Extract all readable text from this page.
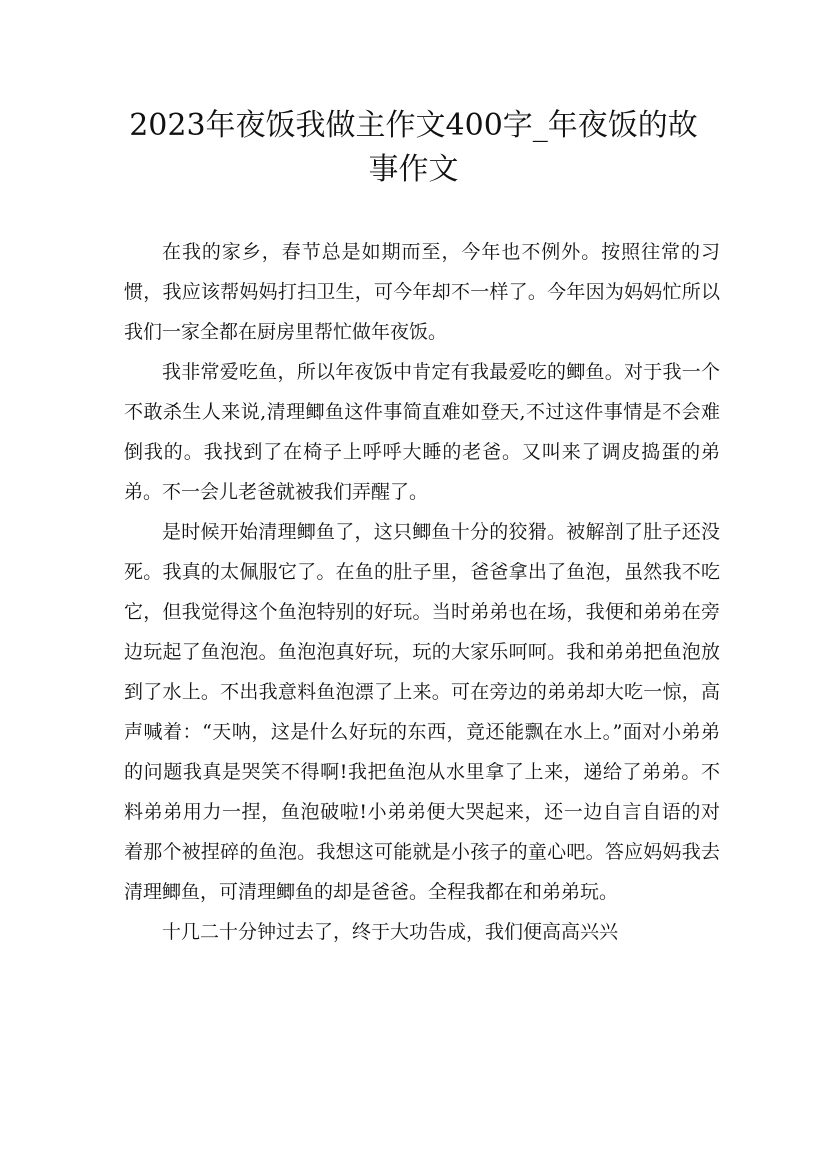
2023年夜饭我做主作文400字_年夜饭的故
事作文

在我的家乡，春节总是如期而至，今年也不例外。按照往常的习惯，我应该帮妈妈打扫卫生，可今年却不一样了。今年因为妈妈忙所以我们一家全都在厨房里帮忙做年夜饭。

我非常爱吃鱼，所以年夜饭中肯定有我最爱吃的鲫鱼。对于我一个不敢杀生人来说,清理鲫鱼这件事简直难如登天,不过这件事情是不会难倒我的。我找到了在椅子上呼呼大睡的老爸。又叫来了调皮捣蛋的弟弟。不一会儿老爸就被我们弄醒了。

是时候开始清理鲫鱼了，这只鲫鱼十分的狡猾。被解剖了肚子还没死。我真的太佩服它了。在鱼的肚子里，爸爸拿出了鱼泡，虽然我不吃它，但我觉得这个鱼泡特别的好玩。当时弟弟也在场，我便和弟弟在旁边玩起了鱼泡泡。鱼泡泡真好玩，玩的大家乐呵呵。我和弟弟把鱼泡放到了水上。不出我意料鱼泡漂了上来。可在旁边的弟弟却大吃一惊，高声喊着：“天呐，这是什么好玩的东西，竟还能飘在水上。”面对小弟弟的问题我真是哭笑不得啊!我把鱼泡从水里拿了上来，递给了弟弟。不料弟弟用力一捏，鱼泡破啦!小弟弟便大哭起来，还一边自言自语的对着那个被捏碎的鱼泡。我想这可能就是小孩子的童心吧。答应妈妈我去清理鲫鱼，可清理鲫鱼的却是爸爸。全程我都在和弟弟玩。

十几二十分钟过去了，终于大功告成，我们便高高兴兴
